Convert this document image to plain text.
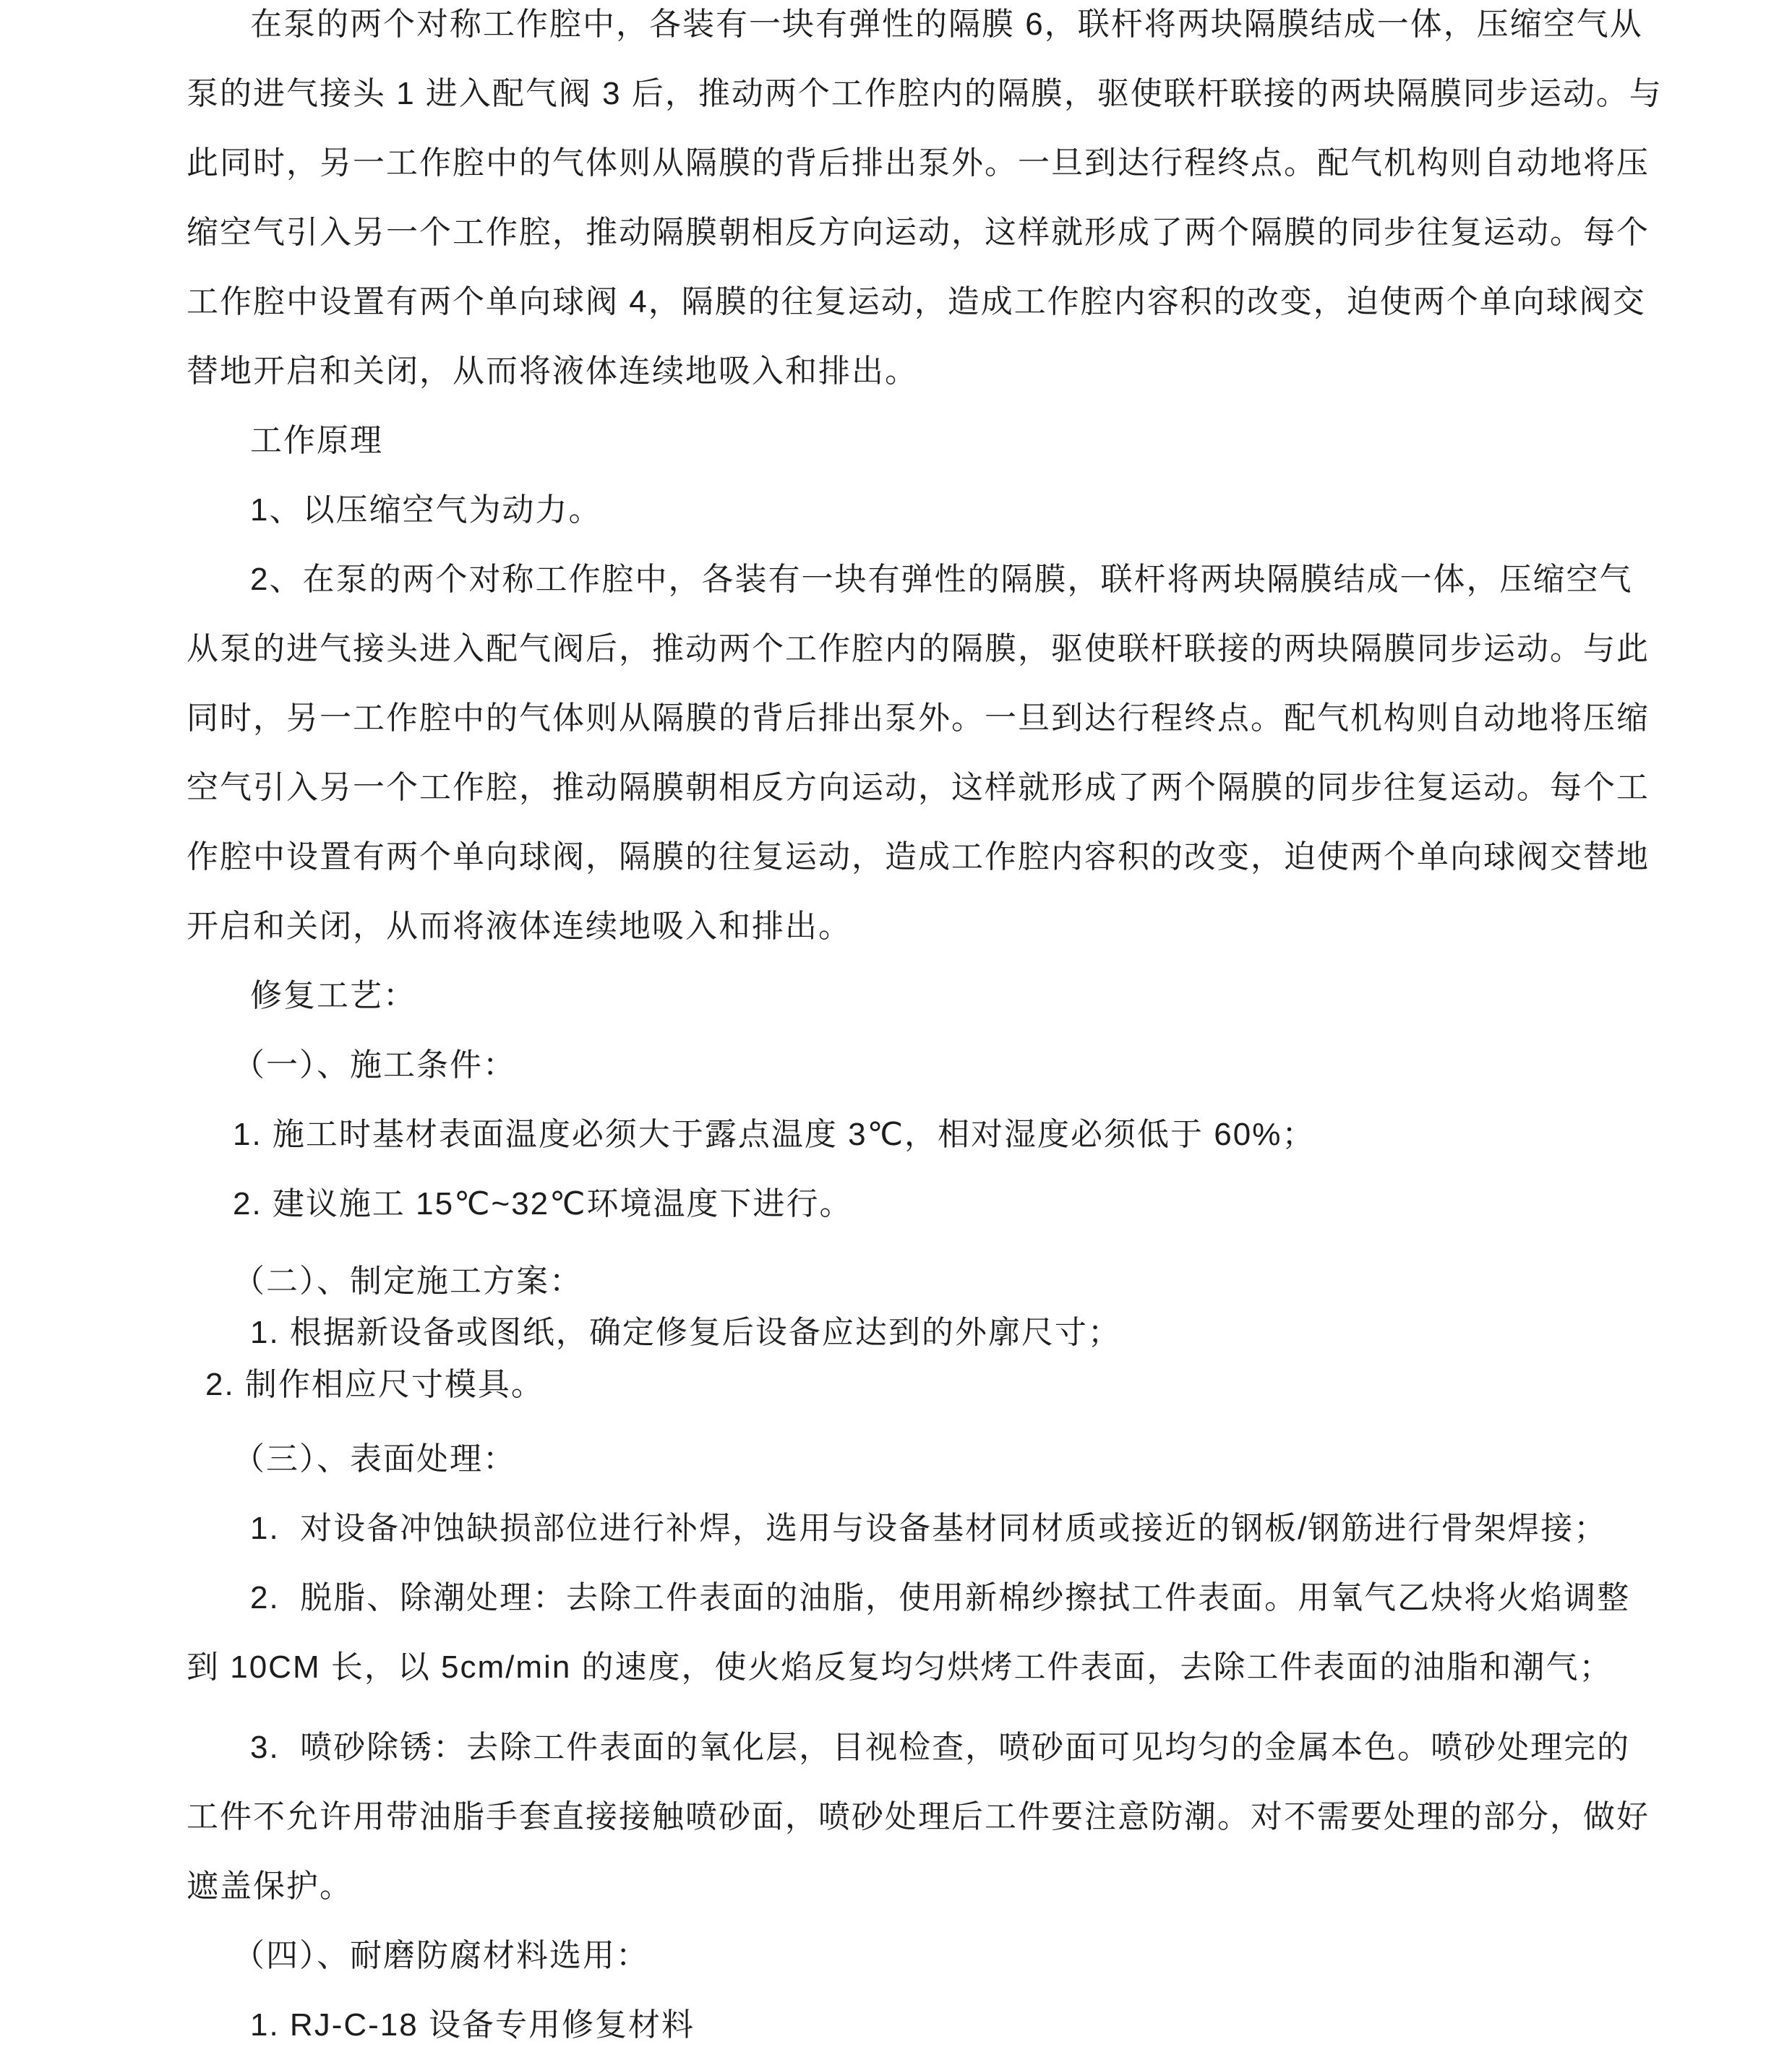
在泵的两个对称工作腔中，各装有一块有弹性的隔膜 6，联杆将两块隔膜结成一体，压缩空气从
泵的进气接头 1 进入配气阀 3 后，推动两个工作腔内的隔膜，驱使联杆联接的两块隔膜同步运动。与
此同时，另一工作腔中的气体则从隔膜的背后排出泵外。一旦到达行程终点。配气机构则自动地将压
缩空气引入另一个工作腔，推动隔膜朝相反方向运动，这样就形成了两个隔膜的同步往复运动。每个
工作腔中设置有两个单向球阀 4，隔膜的往复运动，造成工作腔内容积的改变，迫使两个单向球阀交
替地开启和关闭，从而将液体连续地吸入和排出。
工作原理
1、以压缩空气为动力。
2、在泵的两个对称工作腔中，各装有一块有弹性的隔膜，联杆将两块隔膜结成一体，压缩空气
从泵的进气接头进入配气阀后，推动两个工作腔内的隔膜，驱使联杆联接的两块隔膜同步运动。与此
同时，另一工作腔中的气体则从隔膜的背后排出泵外。一旦到达行程终点。配气机构则自动地将压缩
空气引入另一个工作腔，推动隔膜朝相反方向运动，这样就形成了两个隔膜的同步往复运动。每个工
作腔中设置有两个单向球阀，隔膜的往复运动，造成工作腔内容积的改变，迫使两个单向球阀交替地
开启和关闭，从而将液体连续地吸入和排出。
修复工艺：
（一）、施工条件：
1. 施工时基材表面温度必须大于露点温度 3℃，相对湿度必须低于 60%；
2. 建议施工 15℃~32℃环境温度下进行。
（二）、制定施工方案：
1. 根据新设备或图纸，确定修复后设备应达到的外廓尺寸；
2. 制作相应尺寸模具。
（三）、表面处理：
1.  对设备冲蚀缺损部位进行补焊，选用与设备基材同材质或接近的钢板/钢筋进行骨架焊接；
2.  脱脂、除潮处理：去除工件表面的油脂，使用新棉纱擦拭工件表面。用氧气乙炔将火焰调整
到 10CM 长，以 5cm/min 的速度，使火焰反复均匀烘烤工件表面，去除工件表面的油脂和潮气；
3.  喷砂除锈：去除工件表面的氧化层，目视检查，喷砂面可见均匀的金属本色。喷砂处理完的
工件不允许用带油脂手套直接接触喷砂面，喷砂处理后工件要注意防潮。对不需要处理的部分，做好
遮盖保护。
（四）、耐磨防腐材料选用：
1. RJ-C-18 设备专用修复材料
